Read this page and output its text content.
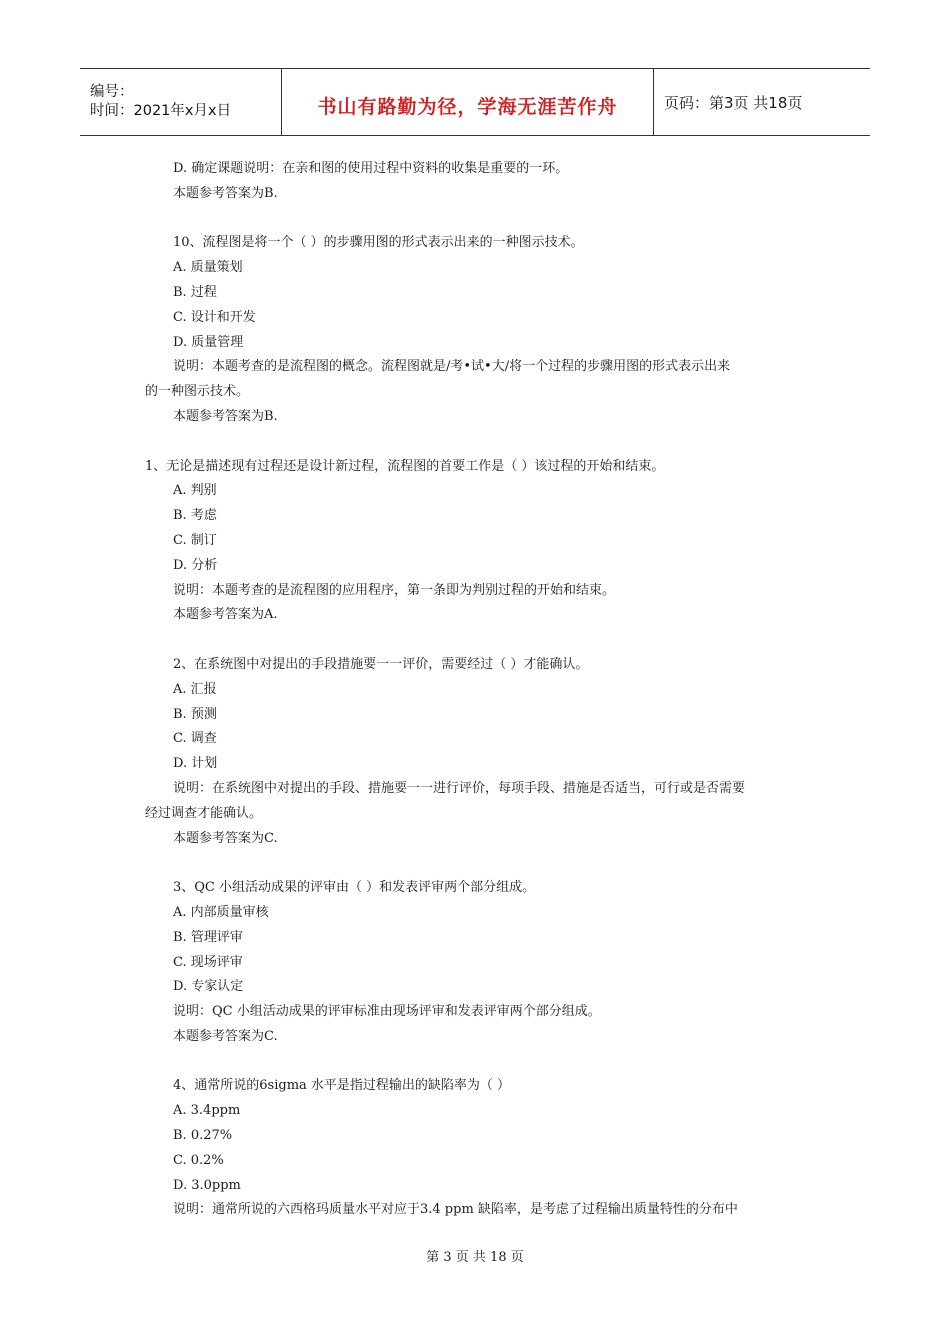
编号：
时间：2021年x月x日	书山有路勤为径，学海无涯苦作舟	页码：第3页 共18页
D. 确定课题说明：在亲和图的使用过程中资料的收集是重要的一环。
本题参考答案为B.
10、流程图是将一个（ ）的步骤用图的形式表示出来的一种图示技术。
A. 质量策划
B. 过程
C. 设计和开发
D. 质量管理
说明：本题考查的是流程图的概念。流程图就是/考•试•大/将一个过程的步骤用图的形式表示出来
的一种图示技术。
本题参考答案为B.
1、无论是描述现有过程还是设计新过程，流程图的首要工作是（ ）该过程的开始和结束。
A. 判别
B. 考虑
C. 制订
D. 分析
说明：本题考查的是流程图的应用程序，第一条即为判别过程的开始和结束。
本题参考答案为A.
2、在系统图中对提出的手段措施要一一评价，需要经过（ ）才能确认。
A. 汇报
B. 预测
C. 调查
D. 计划
说明：在系统图中对提出的手段、措施要一一进行评价，每项手段、措施是否适当，可行或是否需要
经过调查才能确认。
本题参考答案为C.
3、QC 小组活动成果的评审由（ ）和发表评审两个部分组成。
A. 内部质量审核
B. 管理评审
C. 现场评审
D. 专家认定
说明：QC 小组活动成果的评审标准由现场评审和发表评审两个部分组成。
本题参考答案为C.
4、通常所说的6sigma 水平是指过程输出的缺陷率为（ ）
A. 3.4ppm
B. 0.27%
C. 0.2%
D. 3.0ppm
说明：通常所说的六西格玛质量水平对应于3.4 ppm 缺陷率，是考虑了过程输出质量特性的分布中
第 3 页 共 18 页
